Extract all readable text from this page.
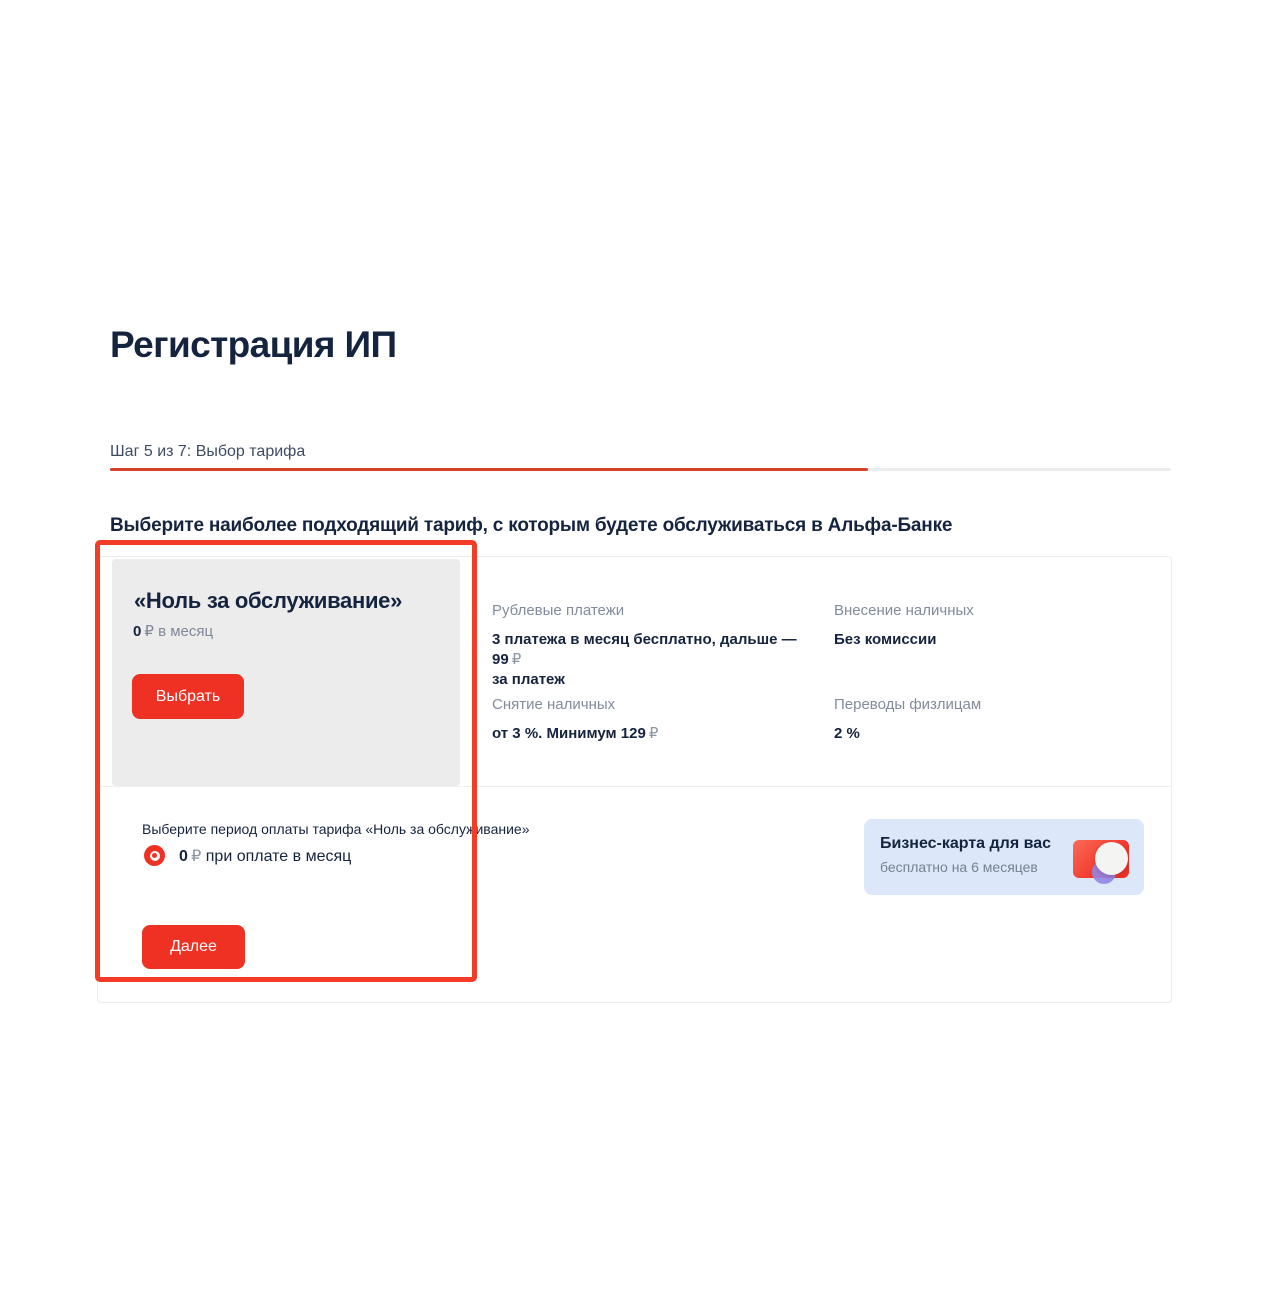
Регистрация ИП
Шаг 5 из 7: Выбор тарифа
Выберите наиболее подходящий тариф, с которым будете обслуживаться в Альфа-Банке
«Ноль за обслуживание»
0  ₽ в месяц
Выбрать
Рублевые платежи
3 платежа в месяц бесплатно, дальше — 99  ₽
за платеж
Внесение наличных
Без комиссии
Снятие наличных
от 3 %. Минимум 129  ₽
Переводы физлицам
2 %
Выберите период оплаты тарифа «Ноль за обслуживание»
0  ₽ при оплате в месяц
Далее
Бизнес-карта для вас
бесплатно на 6 месяцев
